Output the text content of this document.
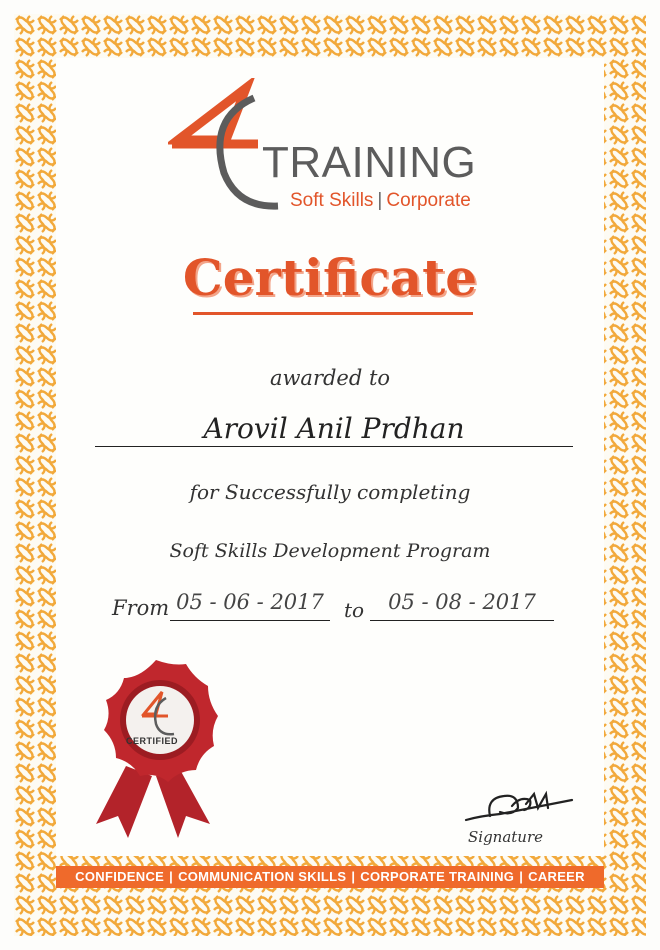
TRAINING
Soft Skills | Corporate
Certificate
awarded to
Arovil Anil Prdhan
for Successfully completing
Soft Skills Development Program
From 05 - 06 - 2017	to	05 - 08 - 2017
CERTIFIED
Signature
CONFIDENCE | COMMUNICATION SKILLS | CORPORATE TRAINING | CAREER
